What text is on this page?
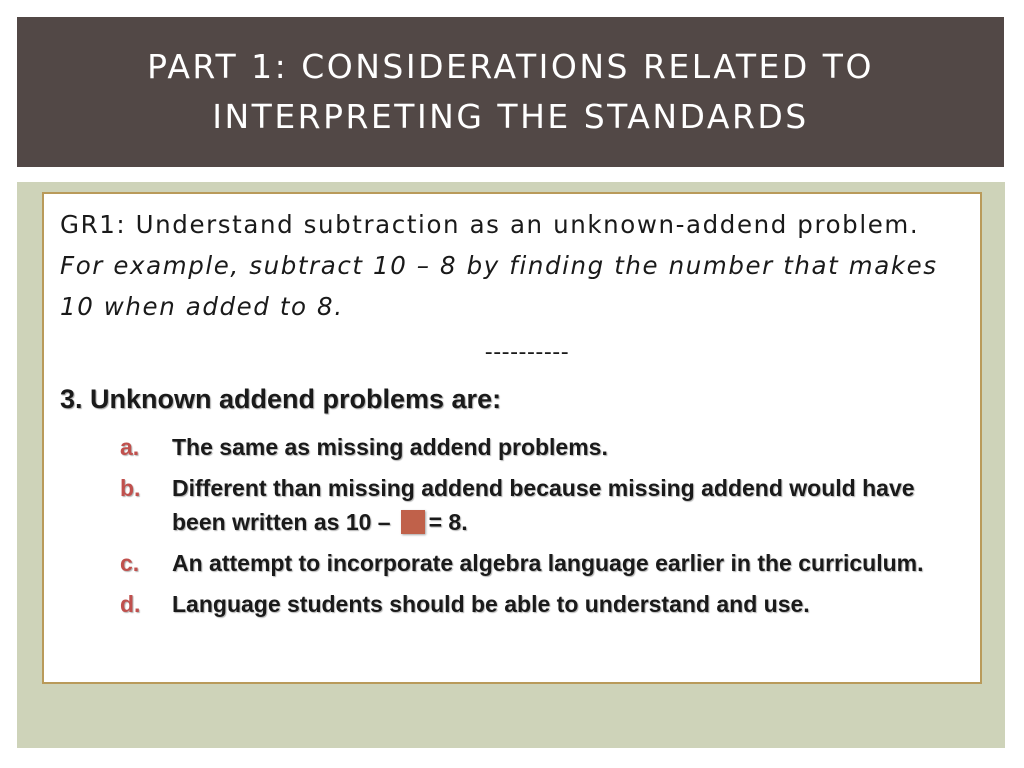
PART 1: CONSIDERATIONS RELATED TO
INTERPRETING THE STANDARDS
GR1: Understand subtraction as an unknown-addend problem. For example, subtract 10 – 8 by finding the number that makes 10 when added to 8.
----------
3. Unknown addend problems are:
a.	The same as missing addend problems.
b.	Different than missing addend because missing addend would have been written as 10 – = 8.
c.	An attempt to incorporate algebra language earlier in the curriculum.
d.	Language students should be able to understand and use.
